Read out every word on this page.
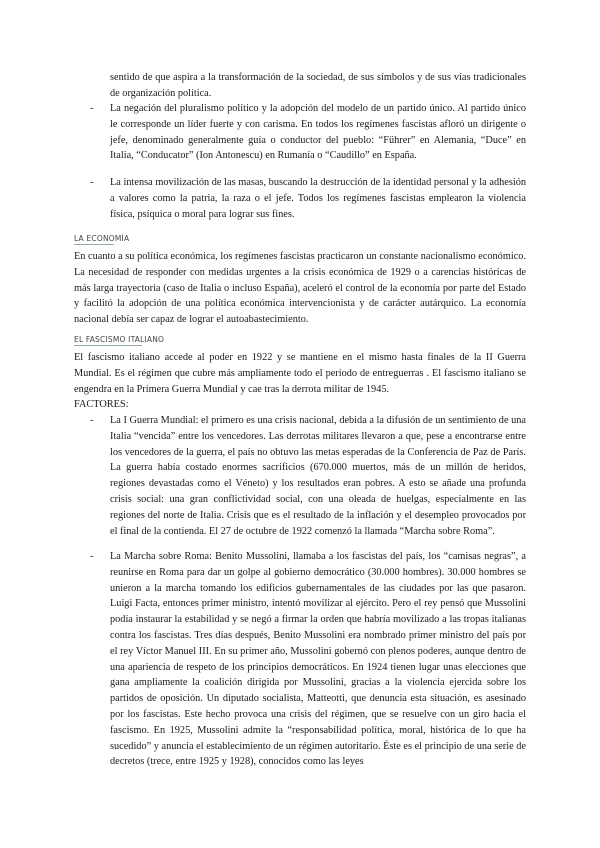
sentido de que aspira a la transformación de la sociedad, de sus símbolos y de sus vías tradicionales de organización política.

-	La negación del pluralismo político y la adopción del modelo de un partido único. Al partido único le corresponde un líder fuerte y con carisma. En todos los regímenes fascistas afloró un dirigente o jefe, denominado generalmente guía o conductor del pueblo: “Führer” en Alemania, “Duce” en Italia, “Conducator” (Ion Antonescu) en Rumanía o “Caudillo” en España.

-	La intensa movilización de las masas, buscando la destrucción de la identidad personal y la adhesión a valores como la patria, la raza o el jefe. Todos los regímenes fascistas emplearon la violencia física, psíquica o moral para lograr sus fines.

LA ECONOMÍA

En cuanto a su política económica, los regímenes fascistas practicaron un constante nacionalismo económico. La necesidad de responder con medidas urgentes a la crisis económica de 1929 o a carencias históricas de más larga trayectoria (caso de Italia o incluso España), aceleró el control de la economía por parte del Estado y facilitó la adopción de una política económica intervencionista y de carácter autárquico. La economía nacional debía ser capaz de lograr el autoabastecimiento.

EL FASCISMO ITALIANO

El fascismo italiano accede al poder en 1922 y se mantiene en el mismo hasta finales de la II Guerra Mundial. Es el régimen que cubre más ampliamente todo el periodo de entreguerras . El fascismo italiano se engendra en la Primera Guerra Mundial y cae tras la derrota militar de 1945.

FACTORES:
-	La I Guerra Mundial: el primero es una crisis nacional, debida a la difusión de un sentimiento de una Italia “vencida” entre los vencedores. Las derrotas militares llevaron a que, pese a encontrarse entre los vencedores de la guerra, el país no obtuvo las metas esperadas de la Conferencia de Paz de París. La guerra había costado enormes sacrificios (670.000 muertos, más de un millón de heridos, regiones devastadas como el Véneto) y los resultados eran pobres. A esto se añade una profunda crisis social: una gran conflictividad social, con una oleada de huelgas, especialmente en las regiones del norte de Italia. Crisis que es el resultado de la inflación y el desempleo provocados por el final de la contienda. El 27 de octubre de 1922 comenzó la llamada “Marcha sobre Roma”.

-	La Marcha sobre Roma: Benito Mussolini, llamaba a los fascistas del país, los “camisas negras”, a reunirse en Roma para dar un golpe al gobierno democrático (30.000 hombres). 30.000 hombres se unieron a la marcha tomando los edificios gubernamentales de las ciudades por las que pasaron. Luigi Facta, entonces primer ministro, intentó movilizar al ejército. Pero el rey pensó que Mussolini podía instaurar la estabilidad y se negó a firmar la orden que habría movilizado a las tropas italianas contra los fascistas. Tres días después, Benito Mussolini era nombrado primer ministro del país por el rey Víctor Manuel III. En su primer año, Mussolini gobernó con plenos poderes, aunque dentro de una apariencia de respeto de los principios democráticos. En 1924 tienen lugar unas elecciones que gana ampliamente la coalición dirigida por Mussolini, gracias a la violencia ejercida sobre los partidos de oposición. Un diputado socialista, Matteotti, que denuncia esta situación, es asesinado por los fascistas. Este hecho provoca una crisis del régimen, que se resuelve con un giro hacia el fascismo. En 1925, Mussolini admite la “responsabilidad política, moral, histórica de lo que ha sucedido” y anuncia el establecimiento de un régimen autoritario. Éste es el principio de una serie de decretos (trece, entre 1925 y 1928), conocidos como las leyes
